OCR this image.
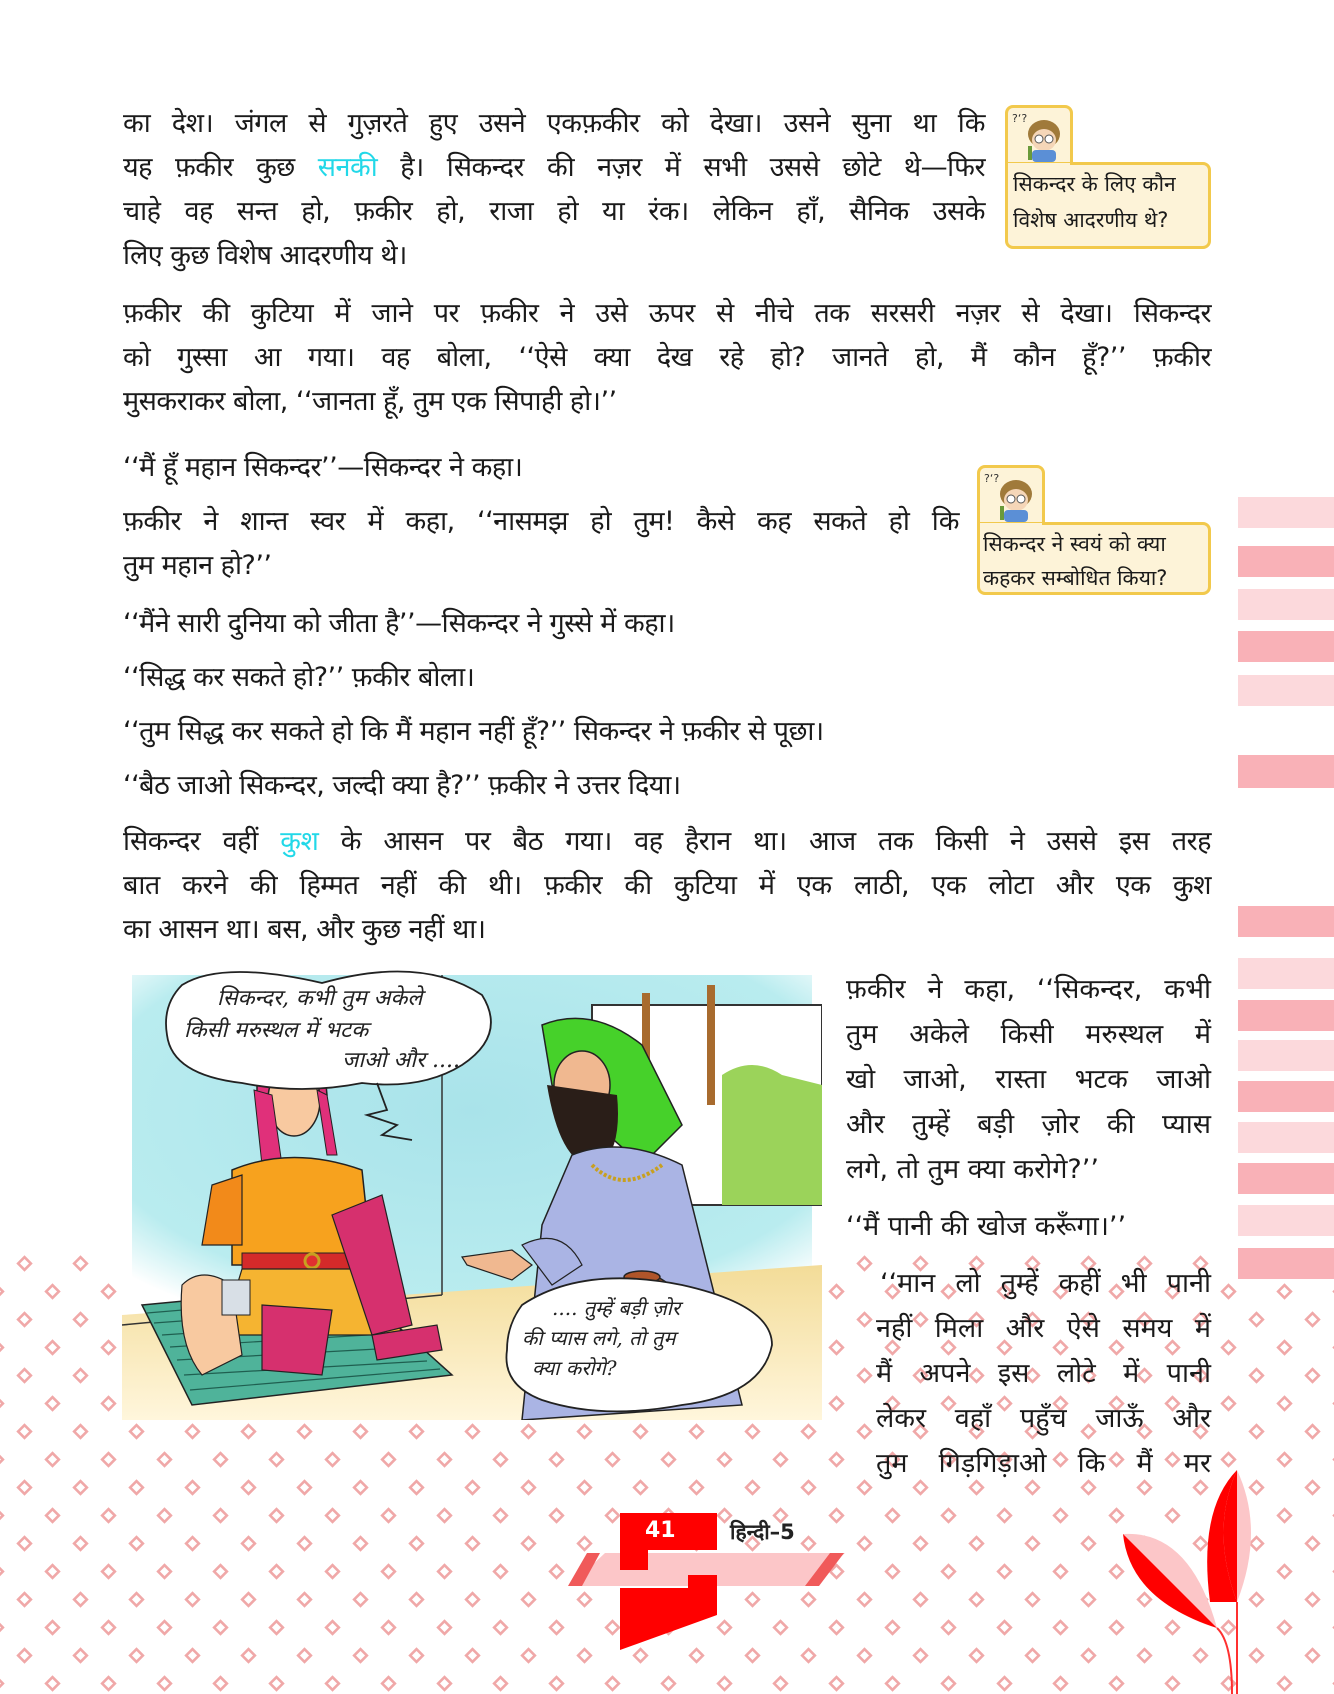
का देश। जंगल से गुज़रते हुए उसने एकफ़कीर को देखा। उसने सुना था कि
यह फ़कीर कुछ सनकी है। सिकन्दर की नज़र में सभी उससे छोटे थे—फिर
चाहे वह सन्त हो, फ़कीर हो, राजा हो या रंक। लेकिन हाँ, सैनिक उसके
लिए कुछ विशेष आदरणीय थे।
फ़कीर की कुटिया में जाने पर फ़कीर ने उसे ऊपर से नीचे तक सरसरी नज़र से देखा। सिकन्दर
को गुस्सा आ गया। वह बोला, ‘‘ऐसे क्या देख रहे हो? जानते हो, मैं कौन हूँ?’’ फ़कीर
मुसकराकर बोला, ‘‘जानता हूँ, तुम एक सिपाही हो।’’
‘‘मैं हूँ महान सिकन्दर’’—सिकन्दर ने कहा।
फ़कीर ने शान्त स्वर में कहा, ‘‘नासमझ हो तुम! कैसे कह सकते हो कि
तुम महान हो?’’
‘‘मैंने सारी दुनिया को जीता है’’—सिकन्दर ने गुस्से में कहा।
‘‘सिद्ध कर सकते हो?’’ फ़कीर बोला।
‘‘तुम सिद्ध कर सकते हो कि मैं महान नहीं हूँ?’’ सिकन्दर ने फ़कीर से पूछा।
‘‘बैठ जाओ सिकन्दर, जल्दी क्या है?’’ फ़कीर ने उत्तर दिया।
सिकन्दर वहीं कुश के आसन पर बैठ गया। वह हैरान था। आज तक किसी ने उससे इस तरह
बात करने की हिम्मत नहीं की थी। फ़कीर की कुटिया में एक लाठी, एक लोटा और एक कुश
का आसन था। बस, और कुछ नहीं था।
?‘?
सिकन्दर के लिए कौन
विशेष आदरणीय थे?
?‘?
सिकन्दर ने स्वयं को क्या
कहकर सम्बोधित किया?
सिकन्दर, कभी तुम अकेले
किसी मरुस्थल में भटक
जाओ और ....
.... तुम्हें बड़ी ज़ोर
की प्यास लगे, तो तुम
क्या करोगे?
फ़कीर ने कहा, ‘‘सिकन्दर, कभी
तुम अकेले किसी मरुस्थल में
खो जाओ, रास्ता भटक जाओ
और तुम्हें बड़ी ज़ोर की प्यास
लगे, तो तुम क्या करोगे?’’
‘‘मैं पानी की खोज करूँगा।’’
‘‘मान लो तुम्हें कहीं भी पानी
नहीं मिला और ऐसे समय में
मैं अपने इस लोटे में पानी
लेकर वहाँ पहुँच जाऊँ और
तुम गिड़गिड़ाओ कि मैं मर
41	हिन्दी–5
